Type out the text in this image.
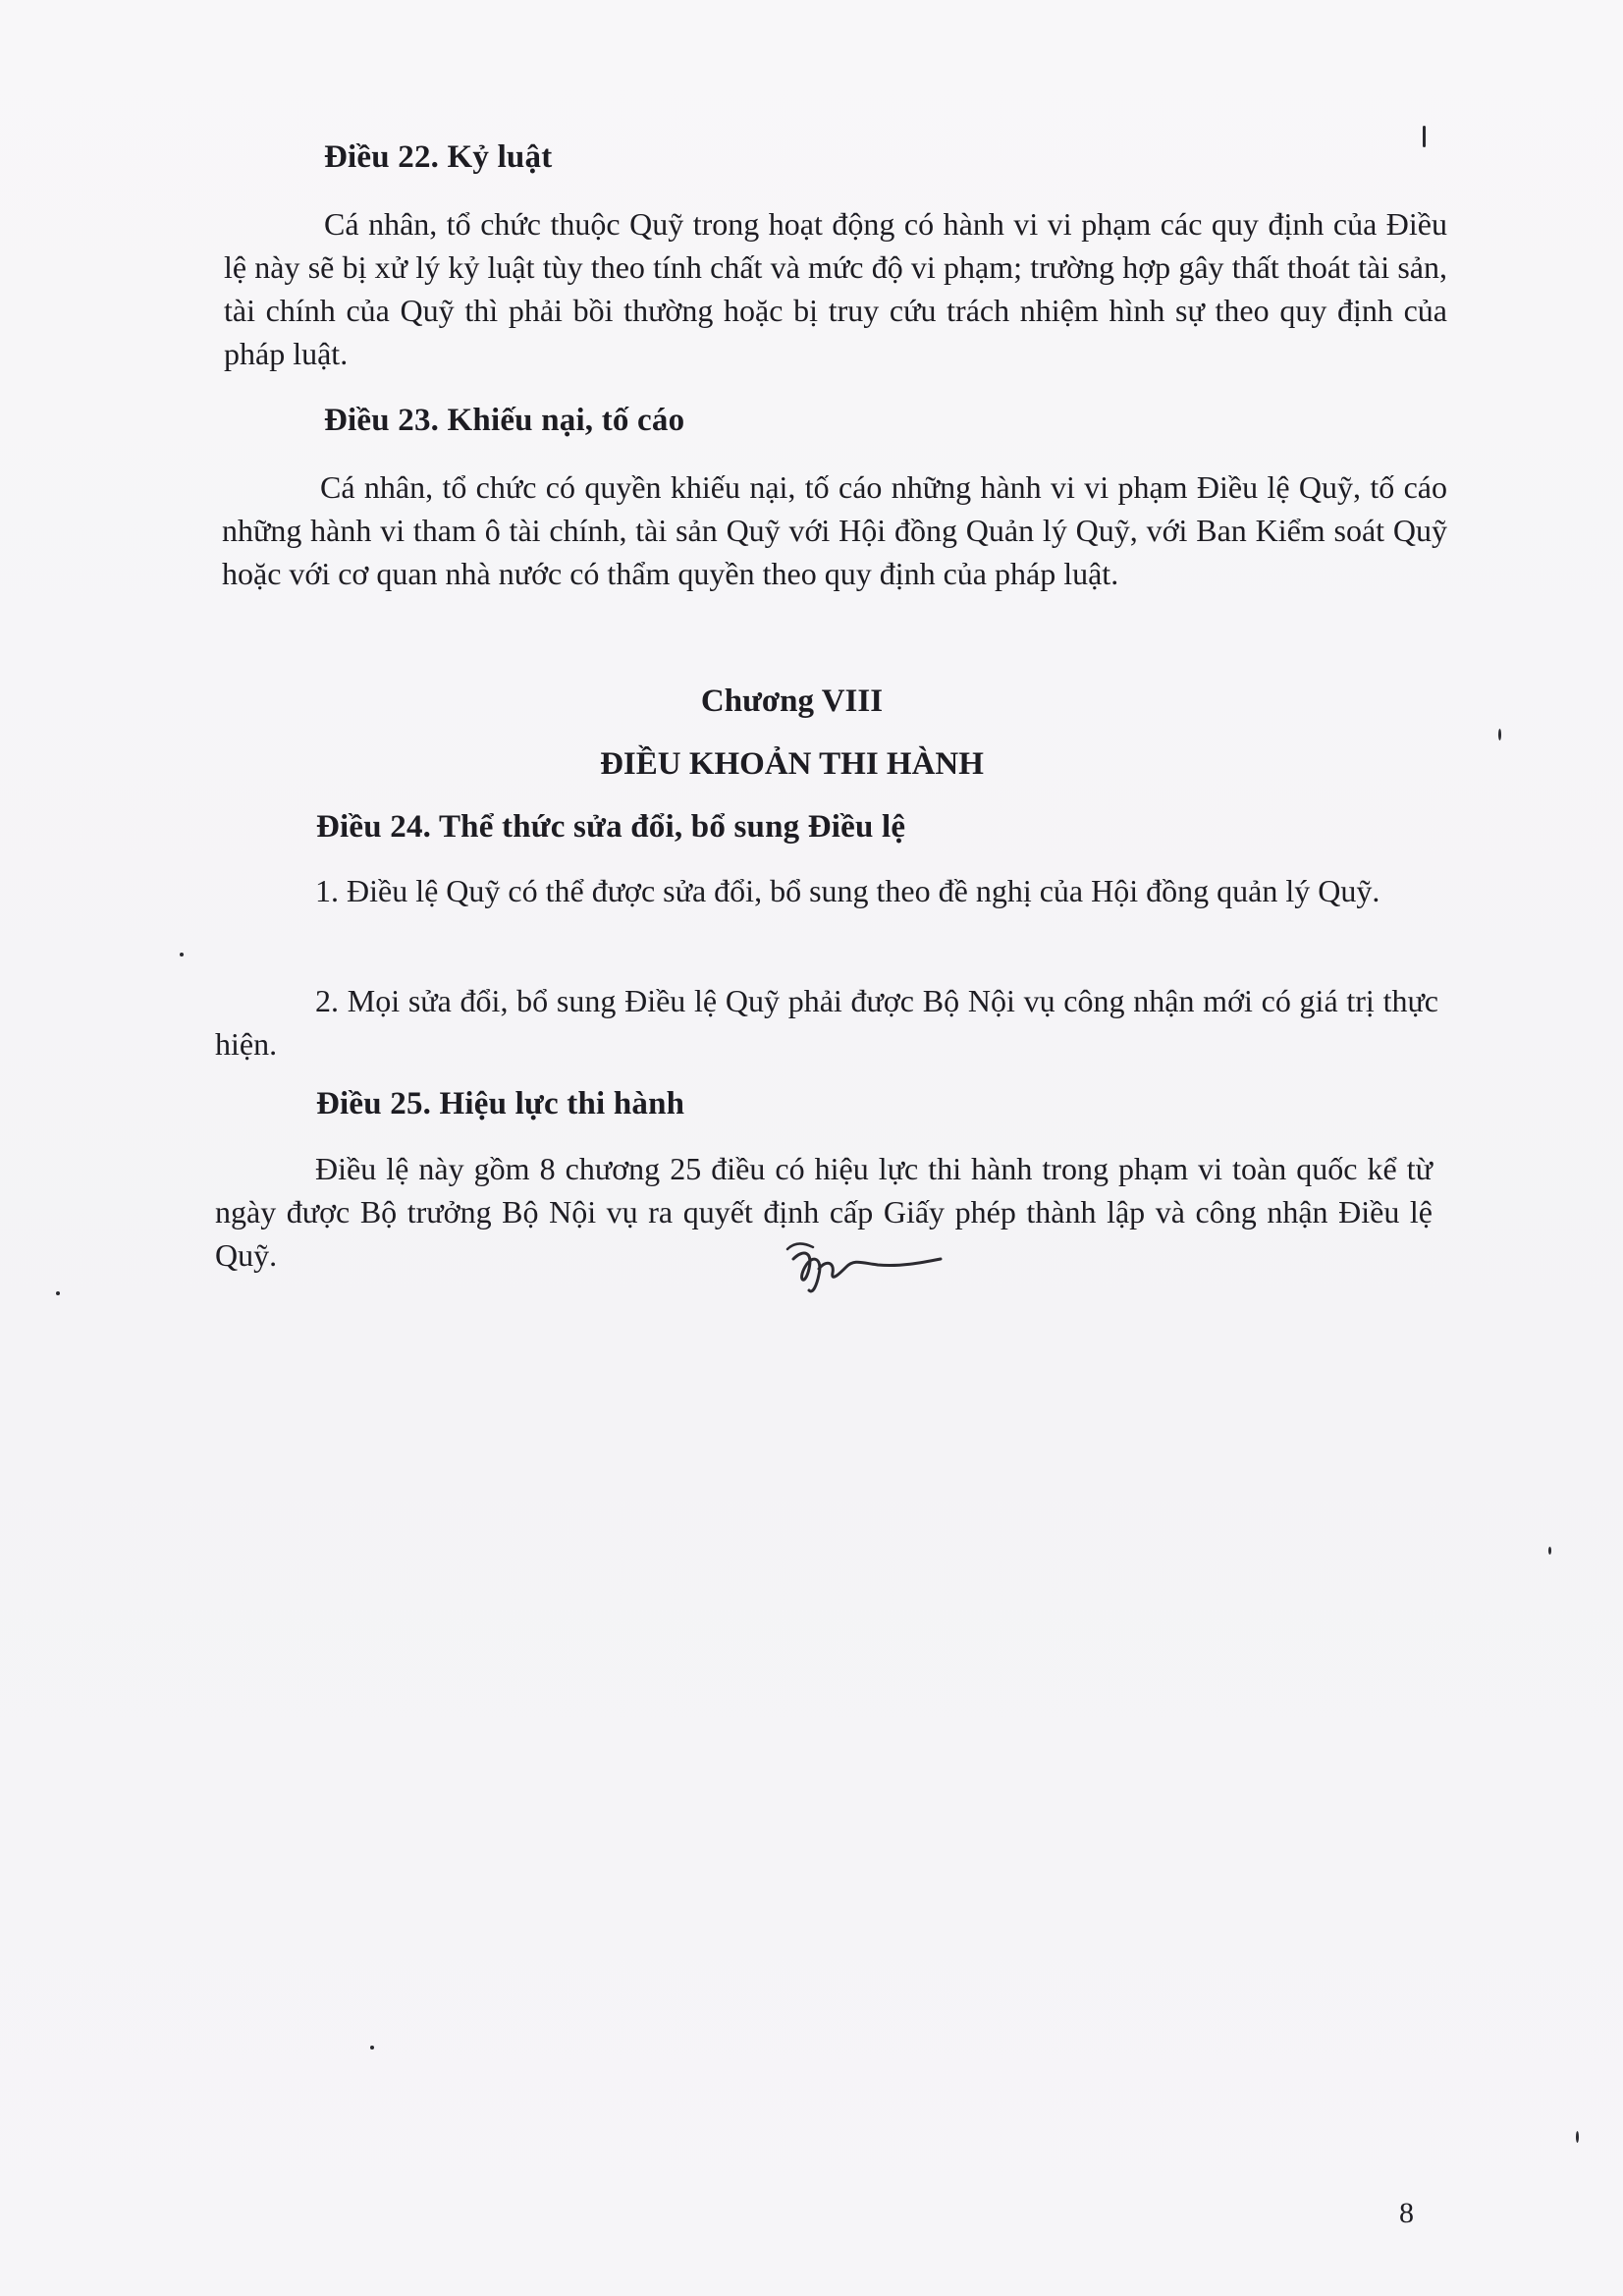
Điều 22. Kỷ luật
Cá nhân, tổ chức thuộc Quỹ trong hoạt động có hành vi vi phạm các quy định của Điều lệ này sẽ bị xử lý kỷ luật tùy theo tính chất và mức độ vi phạm; trường hợp gây thất thoát tài sản, tài chính của Quỹ thì phải bồi thường hoặc bị truy cứu trách nhiệm hình sự theo quy định của pháp luật.
Điều 23. Khiếu nại, tố cáo
Cá nhân, tổ chức có quyền khiếu nại, tố cáo những hành vi vi phạm Điều lệ Quỹ, tố cáo những hành vi tham ô tài chính, tài sản Quỹ với Hội đồng Quản lý Quỹ, với Ban Kiểm soát Quỹ hoặc với cơ quan nhà nước có thẩm quyền theo quy định của pháp luật.
Chương VIII
ĐIỀU KHOẢN THI HÀNH
Điều 24. Thể thức sửa đổi, bổ sung Điều lệ
1. Điều lệ Quỹ có thể được sửa đổi, bổ sung theo đề nghị của Hội đồng quản lý Quỹ.
2. Mọi sửa đổi, bổ sung Điều lệ Quỹ phải được Bộ Nội vụ công nhận mới có giá trị thực hiện.
Điều 25. Hiệu lực thi hành
Điều lệ này gồm 8 chương 25 điều có hiệu lực thi hành trong phạm vi toàn quốc kể từ ngày được Bộ trưởng Bộ Nội vụ ra quyết định cấp Giấy phép thành lập và công nhận Điều lệ Quỹ.
8
